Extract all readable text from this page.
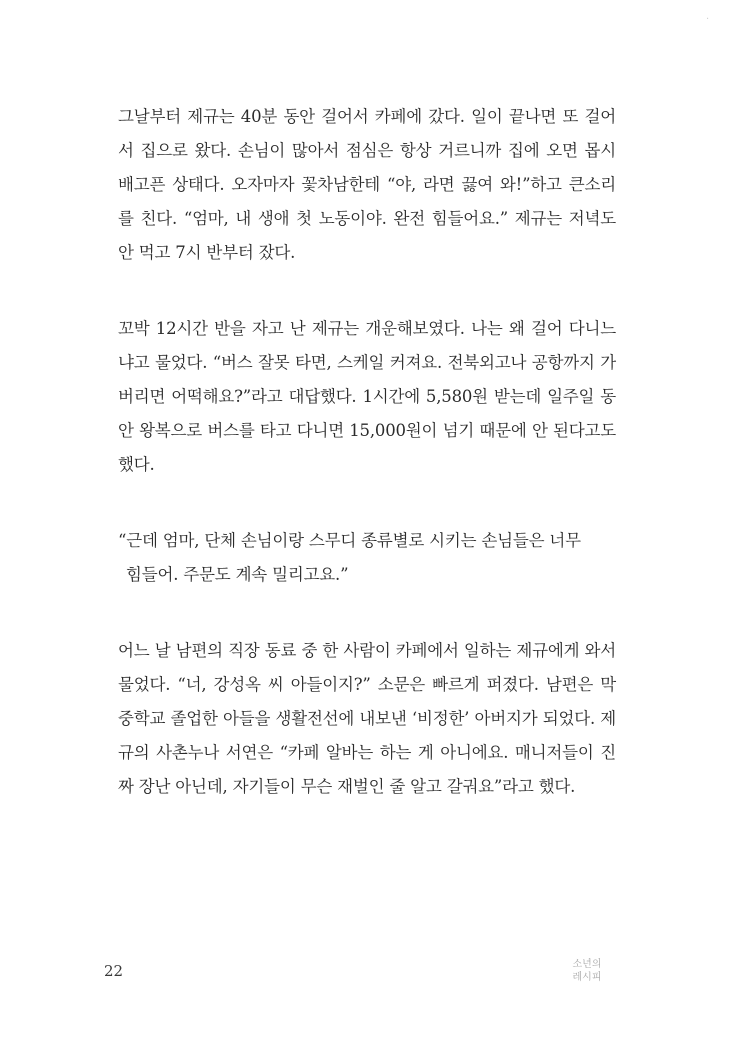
·

그날부터 제규는 40분 동안 걸어서 카페에 갔다. 일이 끝나면 또 걸어서 집으로 왔다. 손님이 많아서 점심은 항상 거르니까 집에 오면 몹시 배고픈 상태다. 오자마자 꽃차남한테 “야, 라면 끓여 와!”하고 큰소리를 친다. “엄마, 내 생애 첫 노동이야. 완전 힘들어요.” 제규는 저녁도 안 먹고 7시 반부터 잤다.

꼬박 12시간 반을 자고 난 제규는 개운해보였다. 나는 왜 걸어 다니느냐고 물었다. “버스 잘못 타면, 스케일 커져요. 전북외고나 공항까지 가버리면 어떡해요?”라고 대답했다. 1시간에 5,580원 받는데 일주일 동안 왕복으로 버스를 타고 다니면 15,000원이 넘기 때문에 안 된다고도 했다.

“근데 엄마, 단체 손님이랑 스무디 종류별로 시키는 손님들은 너무
힘들어. 주문도 계속 밀리고요.”

어느 날 남편의 직장 동료 중 한 사람이 카페에서 일하는 제규에게 와서 물었다. “너, 강성옥 씨 아들이지?” 소문은 빠르게 퍼졌다. 남편은 막 중학교 졸업한 아들을 생활전선에 내보낸 ‘비정한’ 아버지가 되었다. 제규의 사촌누나 서연은 “카페 알바는 하는 게 아니에요. 매니저들이 진짜 장난 아닌데, 자기들이 무슨 재벌인 줄 알고 갈궈요”라고 했다.

22	소년의
레시피
